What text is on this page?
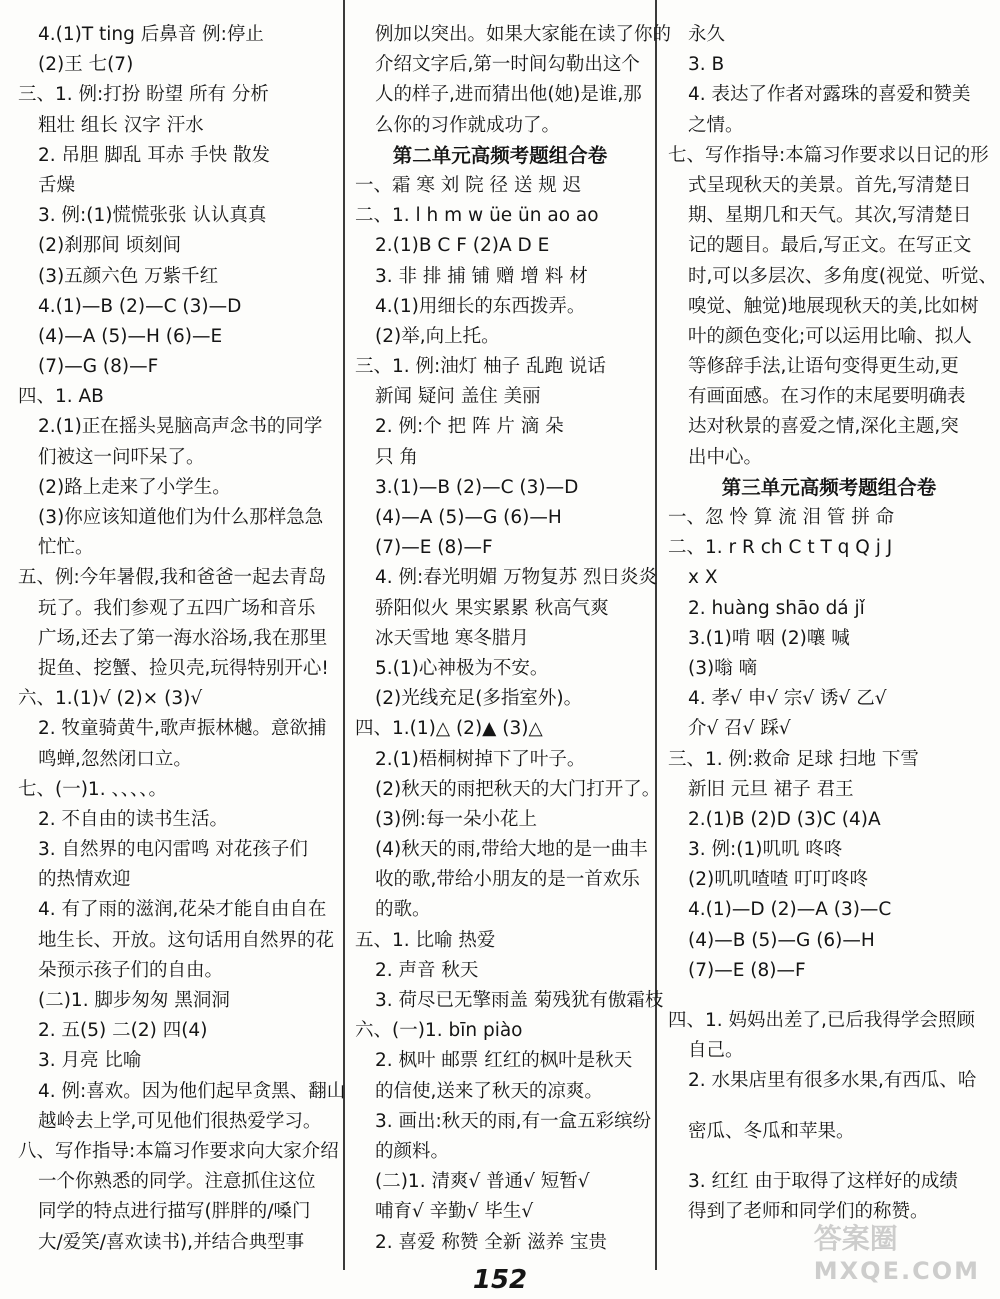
4.(1)T ting 后鼻音 例:停止
(2)王 七(7)
三、1. 例:打扮 盼望 所有 分析
粗壮 组长 汉字 汗水
2. 吊胆 脚乱 耳赤 手快 散发
舌燥
3. 例:(1)慌慌张张 认认真真
(2)刹那间 顷刻间
(3)五颜六色 万紫千红
4.(1)—B (2)—C (3)—D
(4)—A (5)—H (6)—E
(7)—G (8)—F
四、1. AB
2.(1)正在摇头晃脑高声念书的同学
们被这一问吓呆了。
(2)路上走来了小学生。
(3)你应该知道他们为什么那样急急
忙忙。
五、例:今年暑假,我和爸爸一起去青岛
玩了。我们参观了五四广场和音乐
广场,还去了第一海水浴场,我在那里
捉鱼、挖蟹、捡贝壳,玩得特别开心!
六、1.(1)√ (2)× (3)√
2. 牧童骑黄牛,歌声振林樾。意欲捕
鸣蝉,忽然闭口立。
七、(一)1. 、、、、。
2. 不自由的读书生活。
3. 自然界的电闪雷鸣 对花孩子们
的热情欢迎
4. 有了雨的滋润,花朵才能自由自在
地生长、开放。这句话用自然界的花
朵预示孩子们的自由。
(二)1. 脚步匆匆 黑洞洞
2. 五(5) 二(2) 四(4)
3. 月亮 比喻
4. 例:喜欢。因为他们起早贪黑、翻山
越岭去上学,可见他们很热爱学习。
八、写作指导:本篇习作要求向大家介绍
一个你熟悉的同学。注意抓住这位
同学的特点进行描写(胖胖的/嗓门
大/爱笑/喜欢读书),并结合典型事
例加以突出。如果大家能在读了你的
介绍文字后,第一时间勾勒出这个
人的样子,进而猜出他(她)是谁,那
么你的习作就成功了。
第二单元高频考题组合卷
一、霜 寒 刘 院 径 送 规 迟
二、1. l h m w üe ün ao ao
2.(1)B C F (2)A D E
3. 非 排 捕 铺 赠 增 料 材
4.(1)用细长的东西拨弄。
(2)举,向上托。
三、1. 例:油灯 柚子 乱跑 说话
新闻 疑问 盖住 美丽
2. 例:个 把 阵 片 滴 朵
只 角
3.(1)—B (2)—C (3)—D
(4)—A (5)—G (6)—H
(7)—E (8)—F
4. 例:春光明媚 万物复苏 烈日炎炎
骄阳似火 果实累累 秋高气爽
冰天雪地 寒冬腊月
5.(1)心神极为不安。
(2)光线充足(多指室外)。
四、1.(1)△ (2)▲ (3)△
2.(1)梧桐树掉下了叶子。
(2)秋天的雨把秋天的大门打开了。
(3)例:每一朵小花上
(4)秋天的雨,带给大地的是一曲丰
收的歌,带给小朋友的是一首欢乐
的歌。
五、1. 比喻 热爱
2. 声音 秋天
3. 荷尽已无擎雨盖 菊残犹有傲霜枝
六、(一)1. bīn piào
2. 枫叶 邮票 红红的枫叶是秋天
的信使,送来了秋天的凉爽。
3. 画出:秋天的雨,有一盒五彩缤纷
的颜料。
(二)1. 清爽√ 普通√ 短暂√
哺育√ 辛勤√ 毕生√
2. 喜爱 称赞 全新 滋养 宝贵
永久
3. B
4. 表达了作者对露珠的喜爱和赞美
之情。
七、写作指导:本篇习作要求以日记的形
式呈现秋天的美景。首先,写清楚日
期、星期几和天气。其次,写清楚日
记的题目。最后,写正文。在写正文
时,可以多层次、多角度(视觉、听觉、
嗅觉、触觉)地展现秋天的美,比如树
叶的颜色变化;可以运用比喻、拟人
等修辞手法,让语句变得更生动,更
有画面感。在习作的末尾要明确表
达对秋景的喜爱之情,深化主题,突
出中心。
第三单元高频考题组合卷
一、忽 怜 算 流 泪 管 拼 命
二、1. r R ch C t T q Q j J
x X
2. huàng shāo dá jǐ
3.(1)啃 咽 (2)嚷 喊
(3)嗡 嘀
4. 孝√ 申√ 宗√ 诱√ 乙√
介√ 召√ 踩√
三、1. 例:救命 足球 扫地 下雪
新旧 元旦 裙子 君王
2.(1)B (2)D (3)C (4)A
3. 例:(1)叽叽 咚咚
(2)叽叽喳喳 叮叮咚咚
4.(1)—D (2)—A (3)—C
(4)—B (5)—G (6)—H
(7)—E (8)—F
四、1. 妈妈出差了,已后我得学会照顾
自己。
2. 水果店里有很多水果,有西瓜、哈
密瓜、冬瓜和苹果。
3. 红红 由于取得了这样好的成绩
得到了老师和同学们的称赞。
152
答案圈
MXQE.COM
